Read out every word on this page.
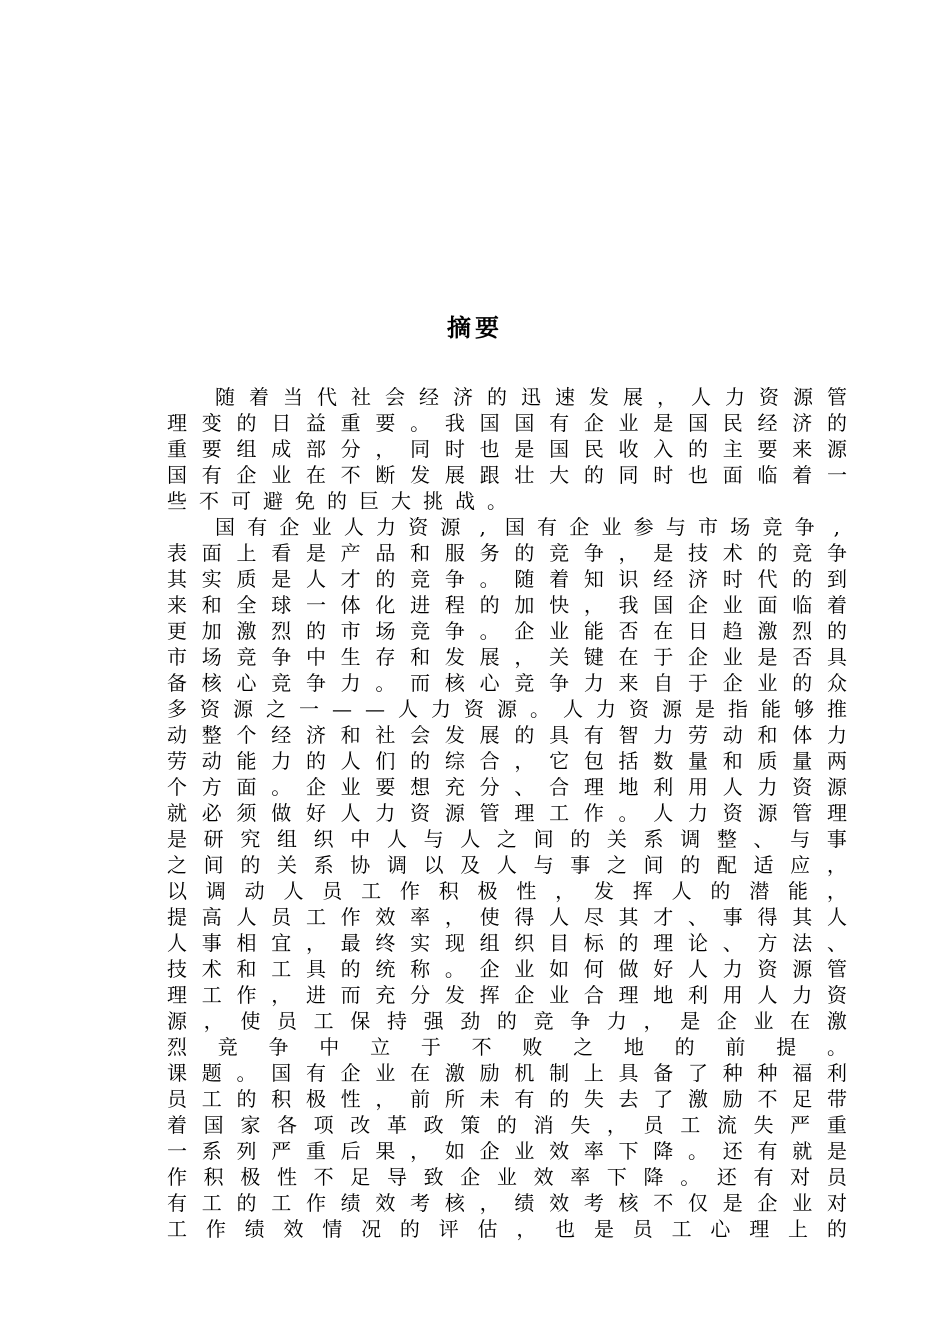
摘要
随 着 当 代 社 会 经 济 的 迅 速 发 展 ， 人 力 资 源 管
理 变 的 日 益 重 要 。 我 国 国 有 企 业 是 国 民 经 济 的
重 要 组 成 部 分 ， 同 时 也 是 国 民 收 入 的 主 要 来 源
国 有 企 业 在 不 断 发 展 跟 壮 大 的 同 时 也 面 临 着 一
些 不 可 避 免 的 巨 大 挑 战 。
国 有 企 业 人 力 资 源 , 国 有 企 业 参 与 市 场 竞 争 ,
表 面 上 看 是 产 品 和 服 务 的 竞 争 ， 是 技 术 的 竞 争
其 实 质 是 人 才 的 竞 争 。 随 着 知 识 经 济 时 代 的 到
来 和 全 球 一 体 化 进 程 的 加 快 ， 我 国 企 业 面 临 着
更 加 激 烈 的 市 场 竞 争 。 企 业 能 否 在 日 趋 激 烈 的
市 场 竞 争 中 生 存 和 发 展 ， 关 键 在 于 企 业 是 否 具
备 核 心 竞 争 力 。 而 核 心 竞 争 力 来 自 于 企 业 的 众
多 资 源 之 一 — — 人 力 资 源 。 人 力 资 源 是 指 能 够 推
动 整 个 经 济 和 社 会 发 展 的 具 有 智 力 劳 动 和 体 力
劳 动 能 力 的 人 们 的 综 合 ， 它 包 括 数 量 和 质 量 两
个 方 面 。 企 业 要 想 充 分 、 合 理 地 利 用 人 力 资 源
就 必 须 做 好 人 力 资 源 管 理 工 作 。 人 力 资 源 管 理
是 研 究 组 织 中 人 与 人 之 间 的 关 系 调 整 、 与 事
之 间 的 关 系 协 调 以 及 人 与 事 之 间 的 配 适 应 ，
以 调 动 人 员 工 作 积 极 性 ， 发 挥 人 的 潜 能 ，
提 高 人 员 工 作 效 率 ， 使 得 人 尽 其 才 、 事 得 其 人
人 事 相 宜 ， 最 终 实 现 组 织 目 标 的 理 论 、 方 法 、
技 术 和 工 具 的 统 称 。 企 业 如 何 做 好 人 力 资 源 管
理 工 作 ， 进 而 充 分 发 挥 企 业 合 理 地 利 用 人 力 资
源 ， 使 员 工 保 持 强 劲 的 竞 争 力 ， 是 企 业 在 激
烈 竞 争 中 立 于 不 败 之 地 的 前 提 。
课 题 。 国 有 企 业 在 激 励 机 制 上 具 备 了 种 种 福 利
员 工 的 积 极 性 ， 前 所 未 有 的 失 去 了 激 励 不 足 带
着 国 家 各 项 改 革 政 策 的 消 失 ， 员 工 流 失 严 重
一 系 列 严 重 后 果 ， 如 企 业 效 率 下 降 。 还 有 就 是
作 积 极 性 不 足 导 致 企 业 效 率 下 降 。 还 有 对 员
有 工 的 工 作 绩 效 考 核 ， 绩 效 考 核 不 仅 是 企 业 对
工 作 绩 效 情 况 的 评 估 ， 也 是 员 工 心 理 上 的
